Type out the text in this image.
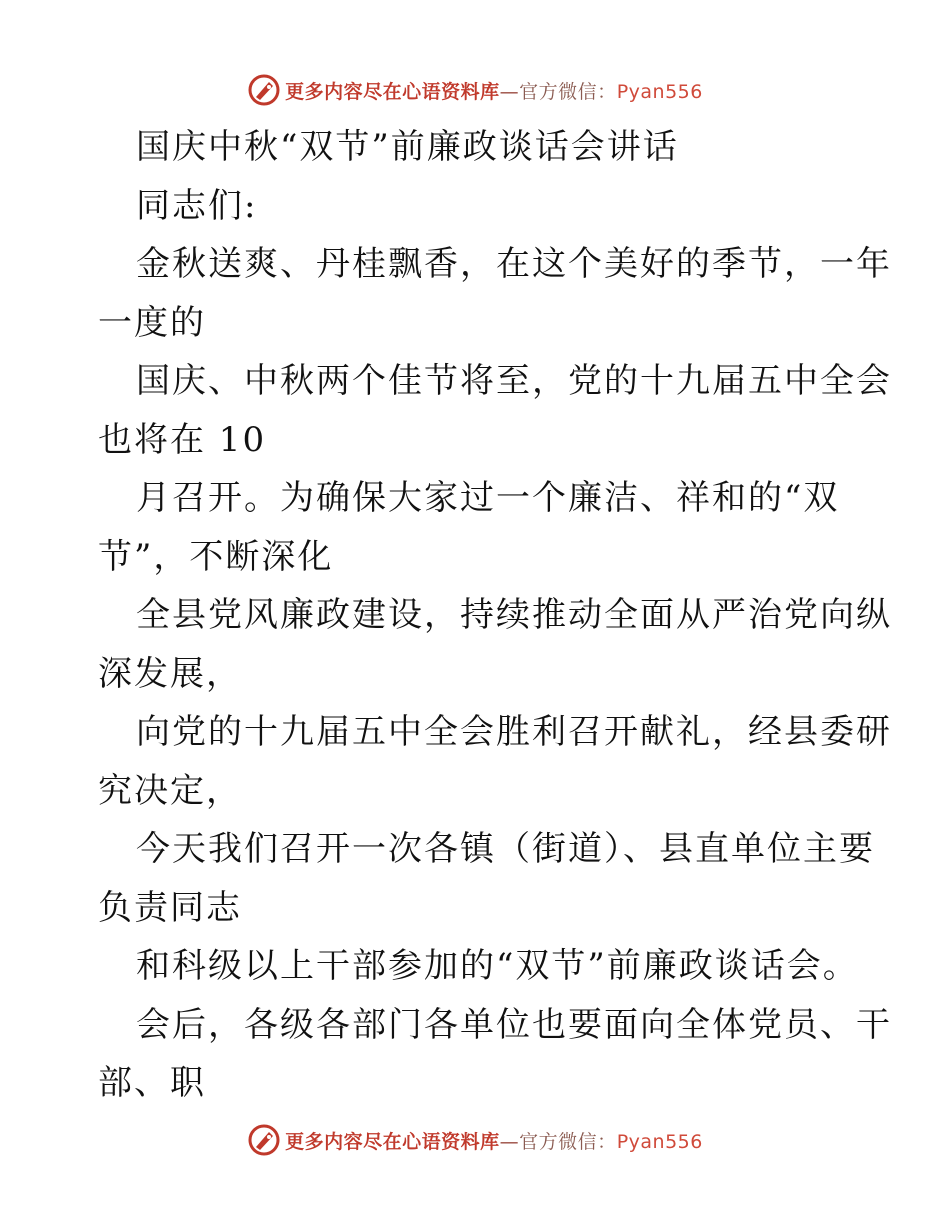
更多内容尽在心语资料库—官方微信：Pyan556
国庆中秋“双节”前廉政谈话会讲话
同志们:
金秋送爽、丹桂飘香，在这个美好的季节，一年
一度的
国庆、中秋两个佳节将至，党的十九届五中全会
也将在 10
月召开。为确保大家过一个廉洁、祥和的“双
节”，不断深化
全县党风廉政建设，持续推动全面从严治党向纵
深发展，
向党的十九届五中全会胜利召开献礼，经县委研
究决定，
今天我们召开一次各镇（街道）、县直单位主要
负责同志
和科级以上干部参加的“双节”前廉政谈话会。
会后，各级各部门各单位也要面向全体党员、干
部、职
更多内容尽在心语资料库—官方微信：Pyan556
